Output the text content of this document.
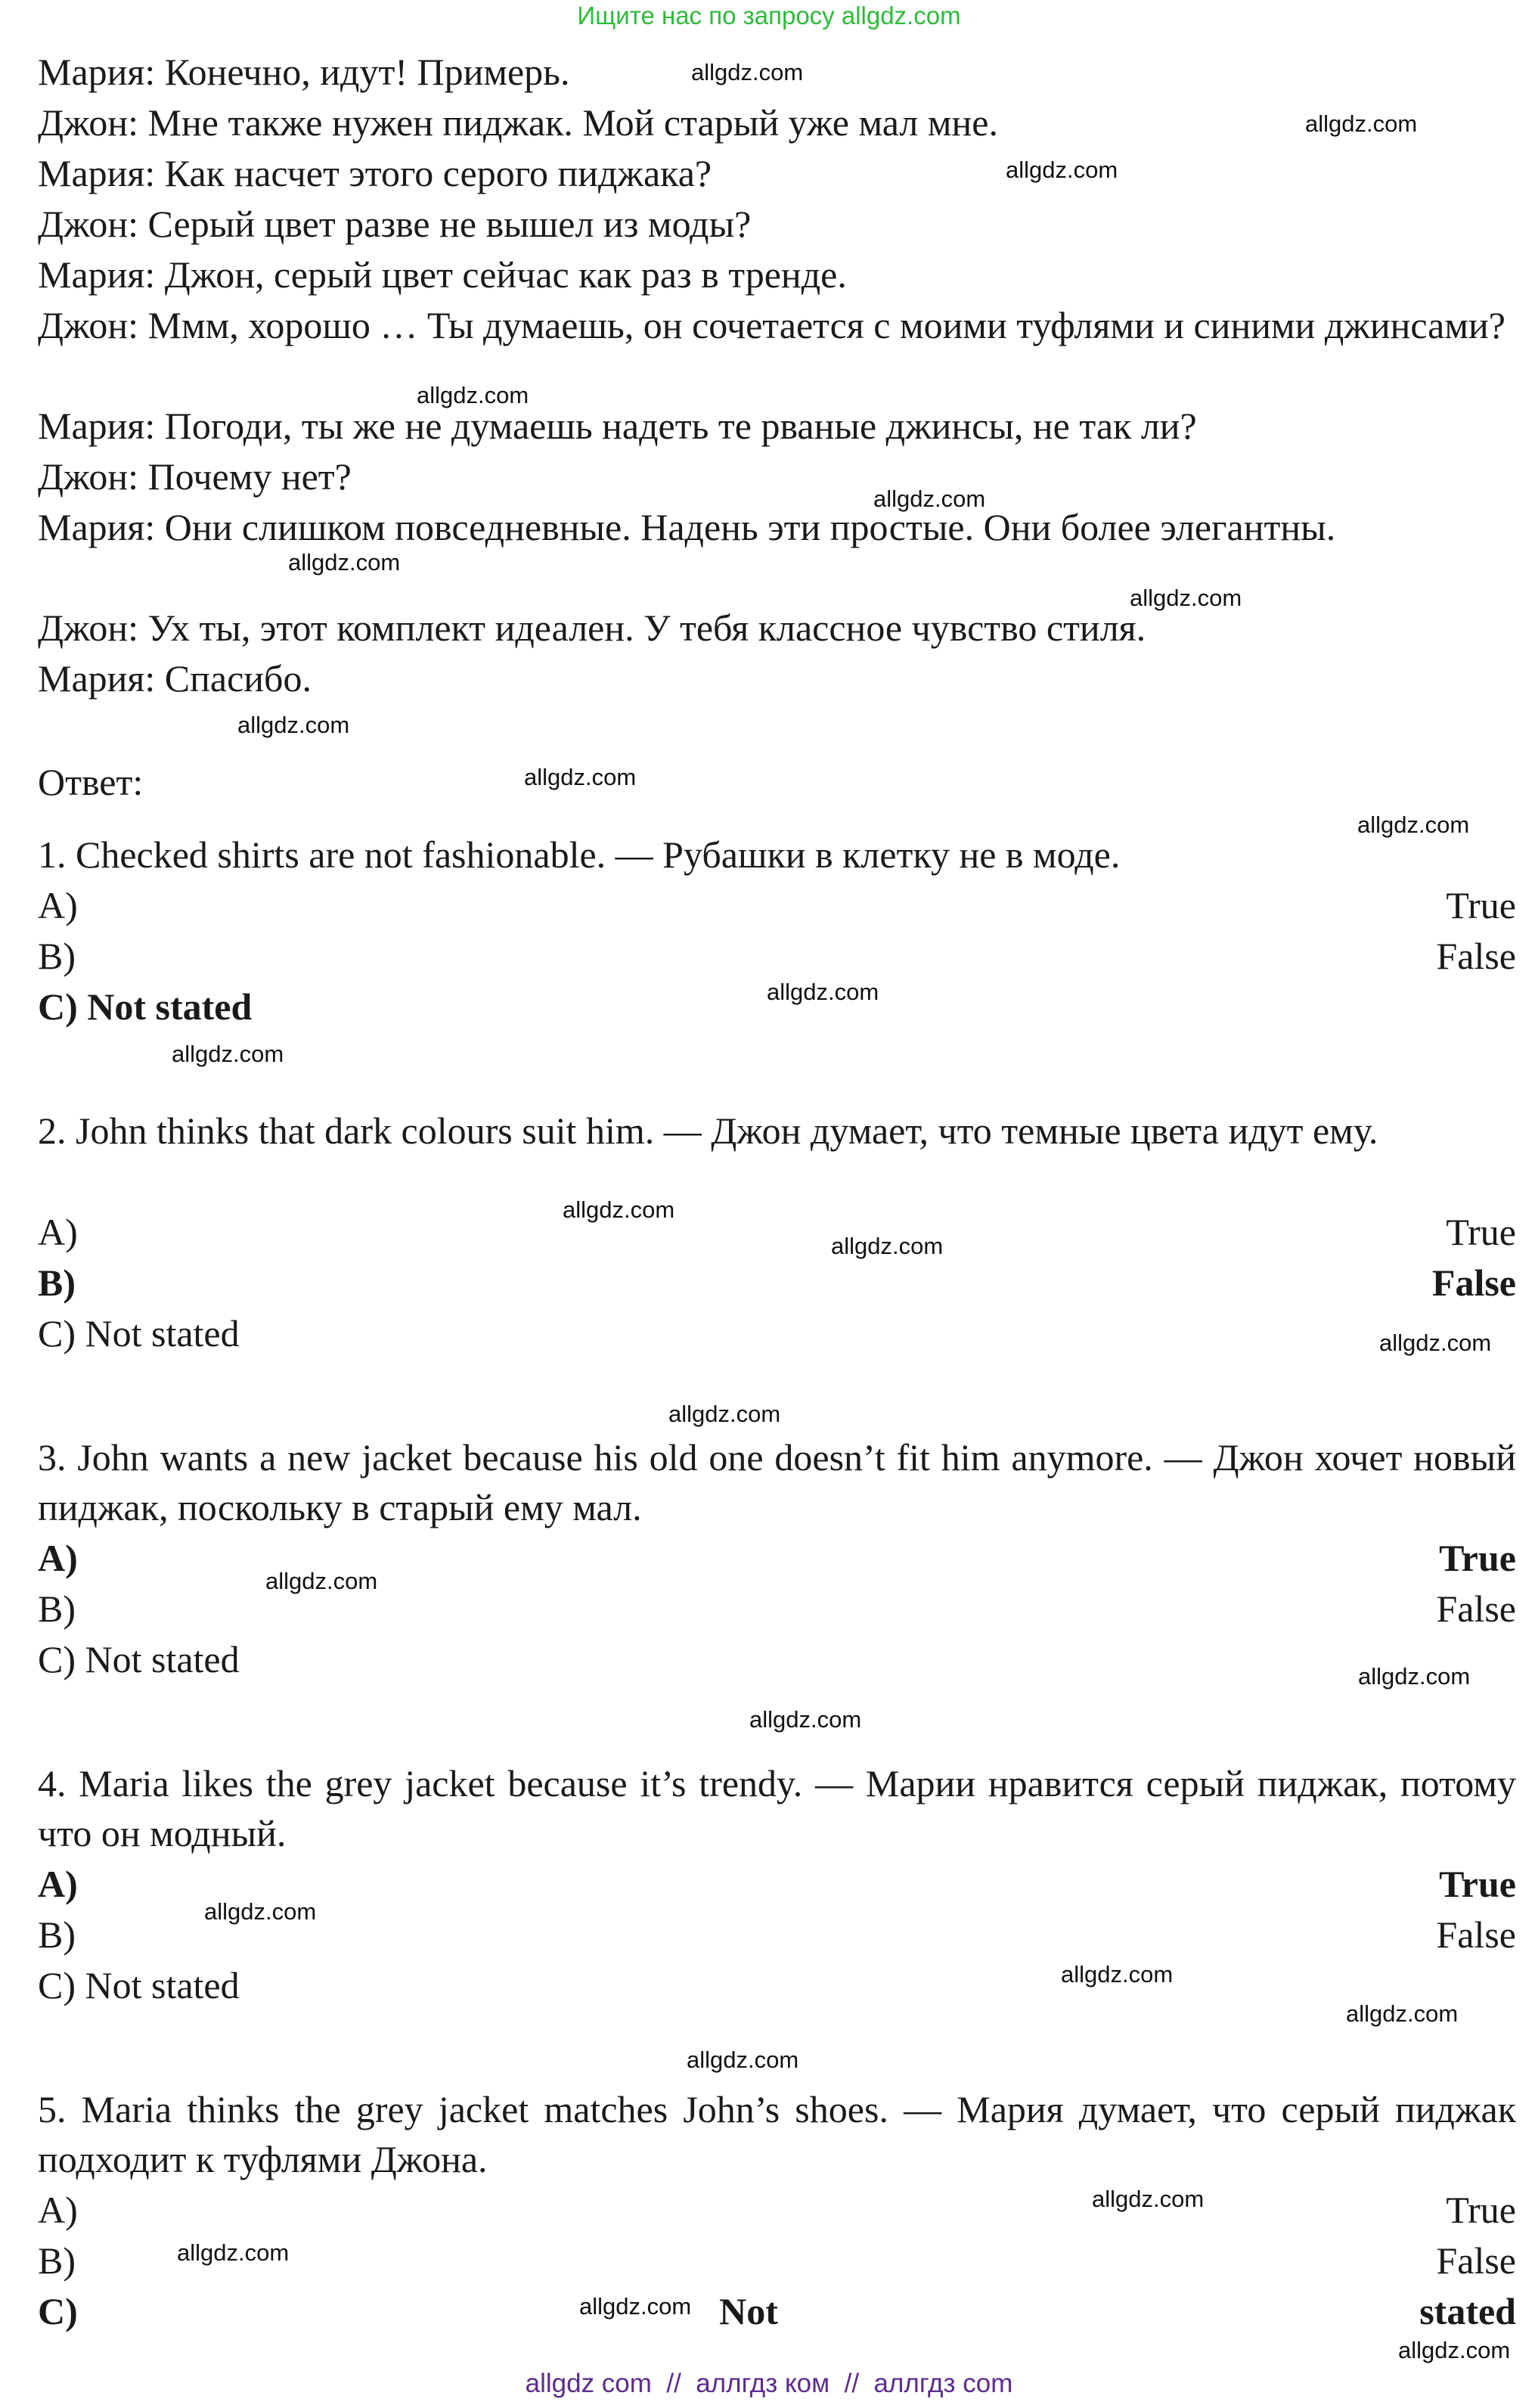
Ищите нас по запросу allgdz.com
Мария: Конечно, идут! Примерь.
Джон: Мне также нужен пиджак. Мой старый уже мал мне.
Мария: Как насчет этого серого пиджака?
Джон: Серый цвет разве не вышел из моды?
Мария: Джон, серый цвет сейчас как раз в тренде.
Джон: Ммм, хорошо … Ты думаешь, он сочетается с моими туфлями и синими джинсами?
Мария: Погоди, ты же не думаешь надеть те рваные джинсы, не так ли?
Джон: Почему нет?
Мария: Они слишком повседневные. Надень эти простые. Они более элегантны.
Джон: Ух ты, этот комплект идеален. У тебя классное чувство стиля.
Мария: Спасибо.
Ответ:
1. Checked shirts are not fashionable. — Рубашки в клетку не в моде.
A)	True
B)	False
C) Not stated
2. John thinks that dark colours suit him. — Джон думает, что темные цвета идут ему.
A)	True
B)	False
C) Not stated
3. John wants a new jacket because his old one doesn’t fit him anymore. — Джон хочет новый пиджак, поскольку в старый ему мал.
A)	True
B)	False
C) Not stated
4. Maria likes the grey jacket because it’s trendy. — Марии нравится серый пиджак, потому что он модный.
A)	True
B)	False
C) Not stated
5. Maria thinks the grey jacket matches John’s shoes. — Мария думает, что серый пиджак подходит к туфлями Джона.
A)	True
B)	False
C)	Not	stated
allgdz.com
allgdz.com
allgdz.com
allgdz.com
allgdz.com
allgdz.com
allgdz.com
allgdz.com
allgdz.com
allgdz.com
allgdz.com
allgdz.com
allgdz.com
allgdz.com
allgdz.com
allgdz.com
allgdz.com
allgdz.com
allgdz.com
allgdz.com
allgdz.com
allgdz.com
allgdz.com
allgdz.com
allgdz.com
allgdz.com
allgdz.com
allgdz com  //  аллгдз ком  //  аллгдз com
